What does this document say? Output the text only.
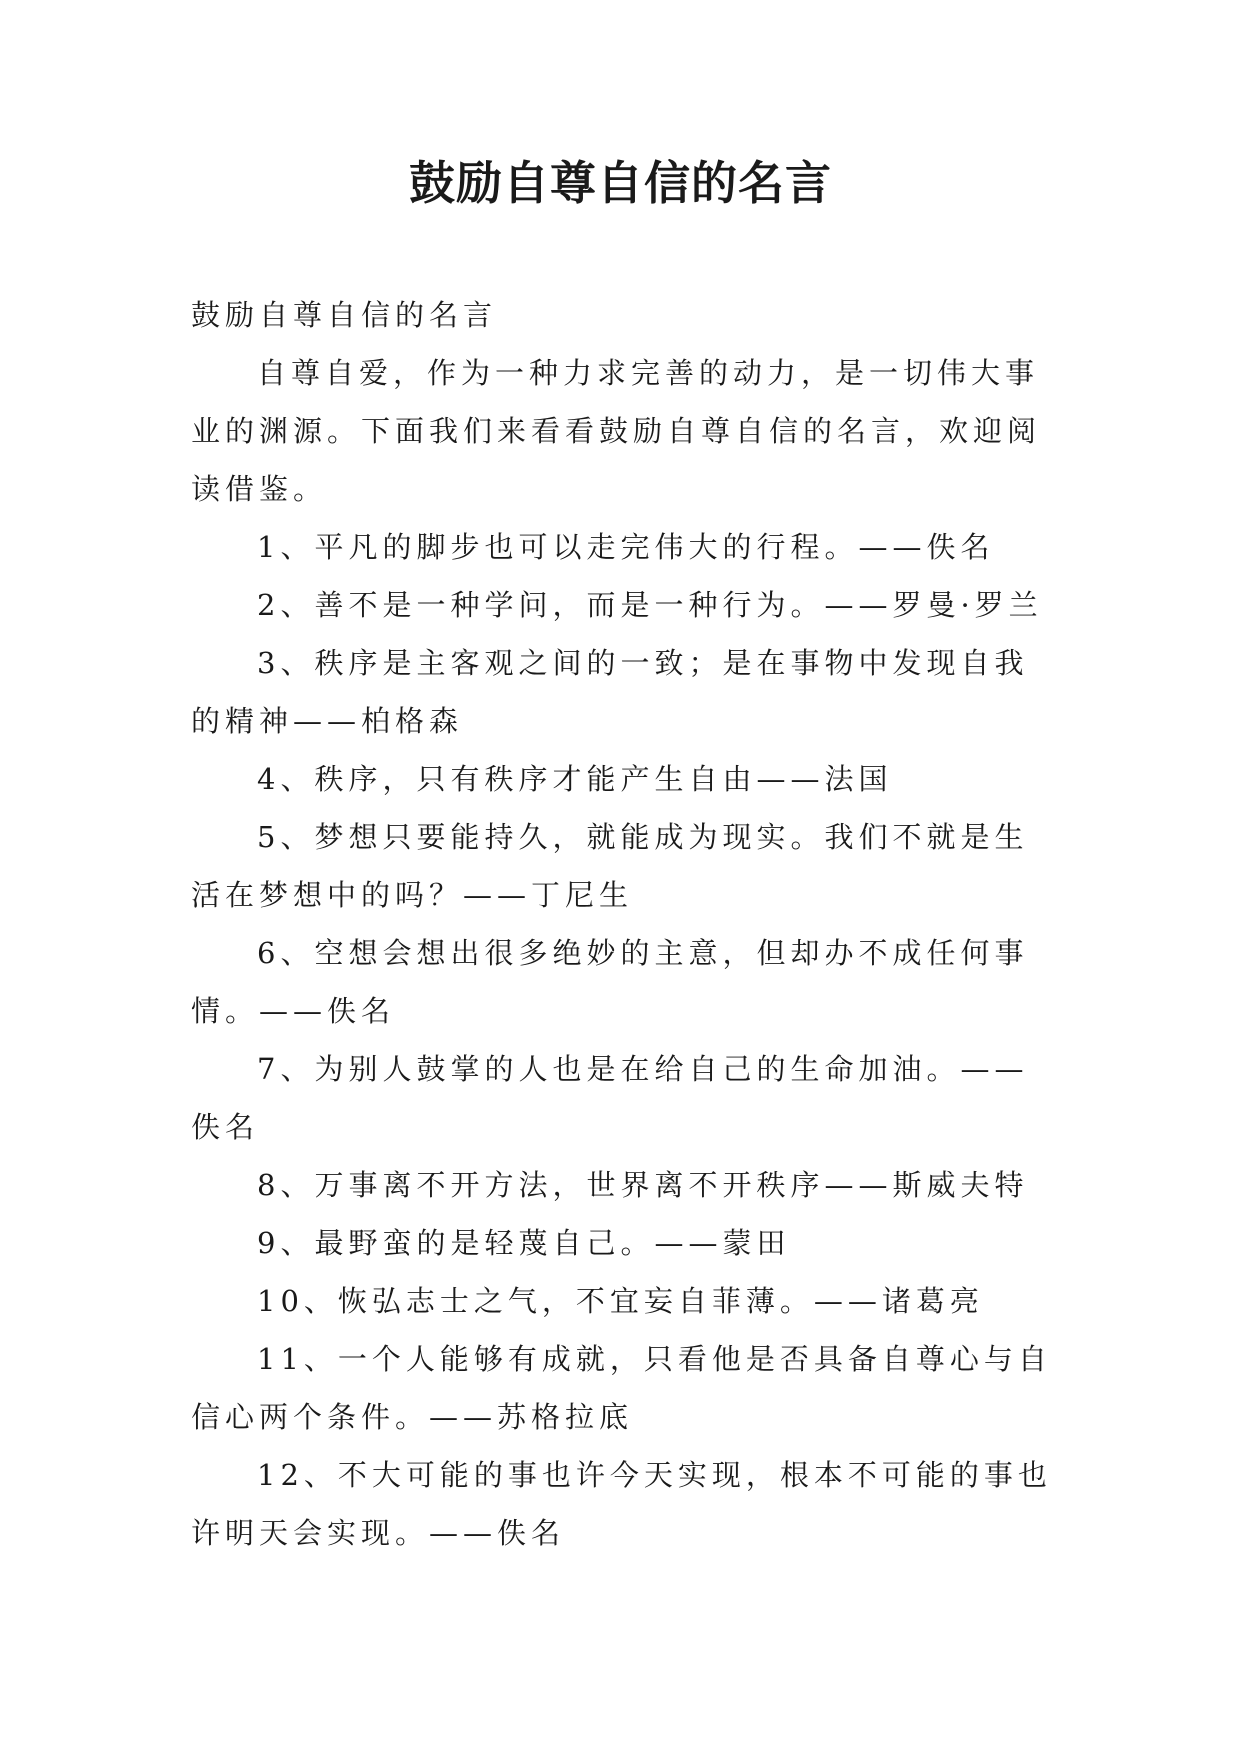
鼓励自尊自信的名言

鼓励自尊自信的名言

自尊自爱，作为一种力求完善的动力，是一切伟大事业的渊源。下面我们来看看鼓励自尊自信的名言，欢迎阅读借鉴。

1、平凡的脚步也可以走完伟大的行程。——佚名

2、善不是一种学问，而是一种行为。——罗曼·罗兰

3、秩序是主客观之间的一致；是在事物中发现自我的精神——柏格森

4、秩序，只有秩序才能产生自由——法国

5、梦想只要能持久，就能成为现实。我们不就是生活在梦想中的吗？——丁尼生

6、空想会想出很多绝妙的主意，但却办不成任何事情。——佚名

7、为别人鼓掌的人也是在给自己的生命加油。——佚名

8、万事离不开方法，世界离不开秩序——斯威夫特

9、最野蛮的是轻蔑自己。——蒙田

10、恢弘志士之气，不宜妄自菲薄。——诸葛亮

11、一个人能够有成就，只看他是否具备自尊心与自信心两个条件。——苏格拉底

12、不大可能的事也许今天实现，根本不可能的事也许明天会实现。——佚名
